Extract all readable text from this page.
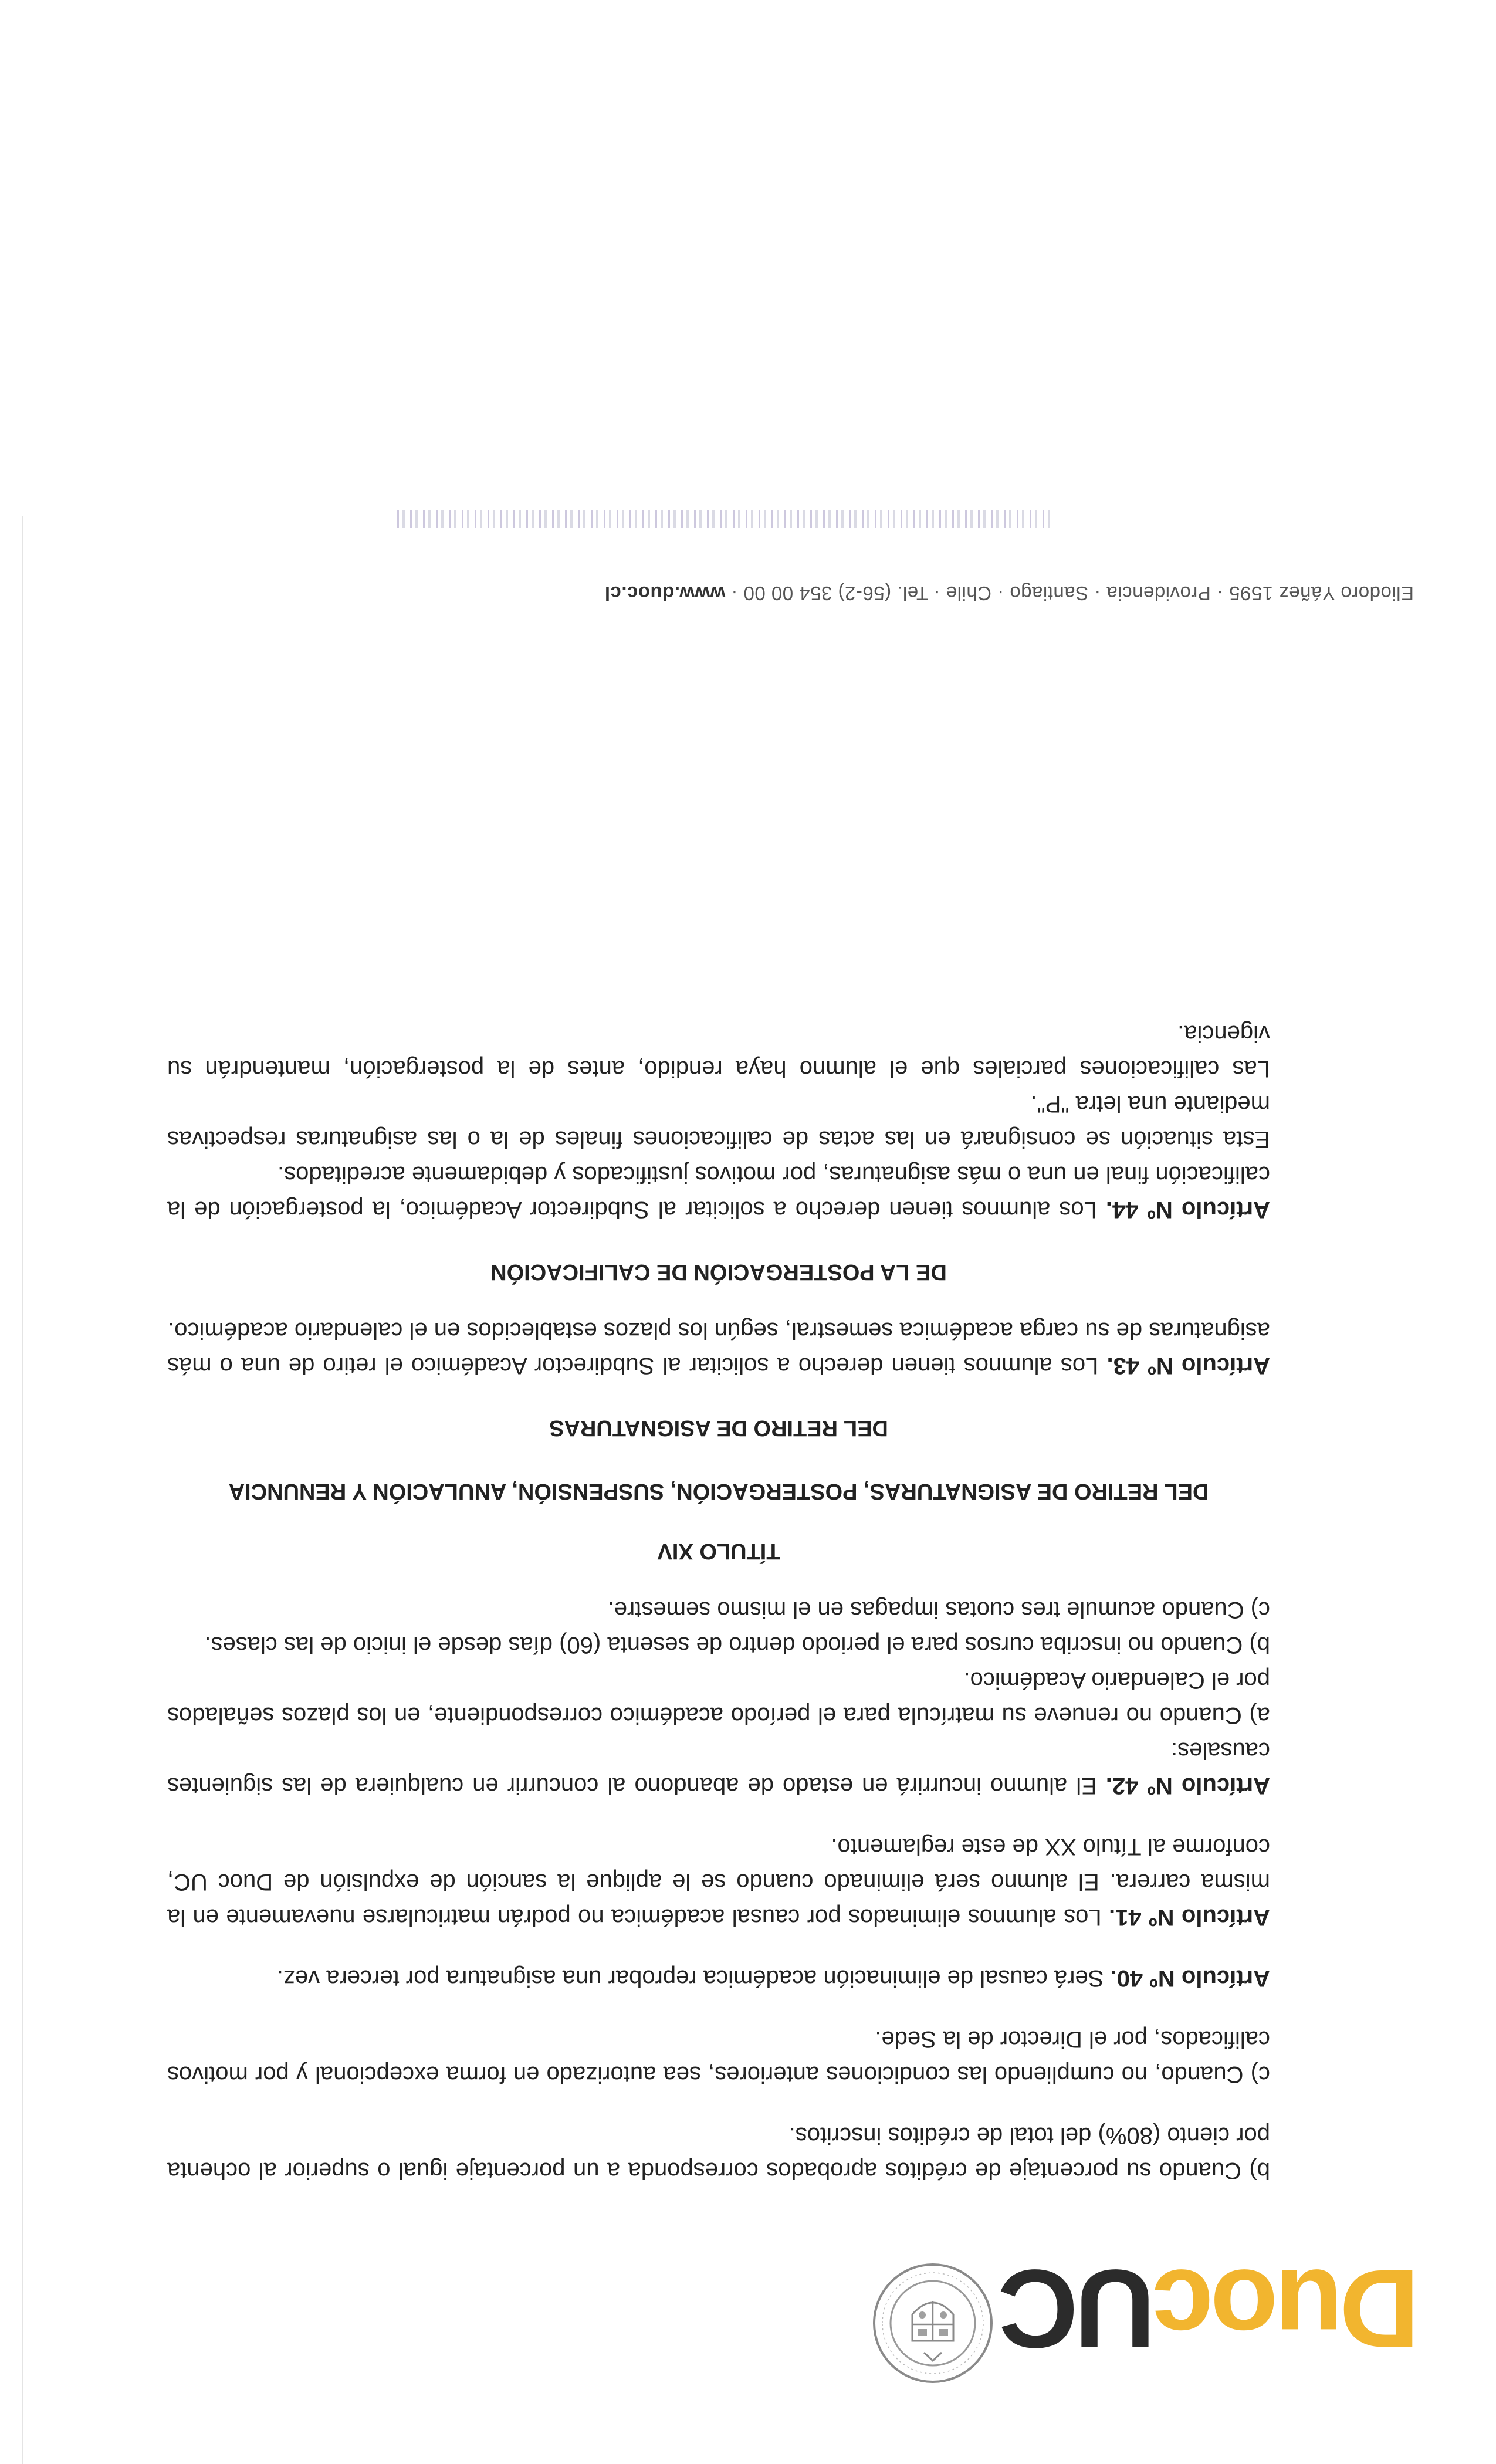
DuocUC

b) Cuando su porcentaje de créditos aprobados corresponda a un porcentaje igual o superior al ochenta por ciento (80%) del total de créditos inscritos.

c) Cuando, no cumpliendo las condiciones anteriores, sea autorizado en forma excepcional y por motivos calificados, por el Director de la Sede.

Artículo Nº 40. Será causal de eliminación académica reprobar una asignatura por tercera vez.

Artículo Nº 41. Los alumnos eliminados por causal académica no podrán matricularse nuevamente en la misma carrera. El alumno será eliminado cuando se le aplique la sanción de expulsión de Duoc UC, conforme al Título XX de este reglamento.

Artículo Nº 42. El alumno incurrirá en estado de abandono al concurrir en cualquiera de las siguientes causales:

a) Cuando no renueve su matrícula para el período académico correspondiente, en los plazos señalados por el Calendario Académico.

b) Cuando no inscriba cursos para el periodo dentro de sesenta (60) días desde el inicio de las clases.

c) Cuando acumule tres cuotas impagas en el mismo semestre.

TÍTULO XIV
DEL RETIRO DE ASIGNATURAS, POSTERGACIÓN, SUSPENSIÓN, ANULACIÓN Y RENUNCIA
DEL RETIRO DE ASIGNATURAS

Artículo Nº 43. Los alumnos tienen derecho a solicitar al Subdirector Académico el retiro de una o más asignaturas de su carga académica semestral, según los plazos establecidos en el calendario académico.

DE LA POSTERGACIÓN DE CALIFICACIÓN

Artículo Nº 44. Los alumnos tienen derecho a solicitar al Subdirector Académico, la postergación de la calificación final en una o más asignaturas, por motivos justificados y debidamente acreditados.

Esta situación se consignará en las actas de calificaciones finales de la o las asignaturas respectivas mediante una letra "P".

Las calificaciones parciales que el alumno haya rendido, antes de la postergación, mantendrán su vigencia.

Eliodoro Yáñez 1595 · Providencia · Santiago · Chile · Tel. (56-2) 354 00 00 · www.duoc.cl
